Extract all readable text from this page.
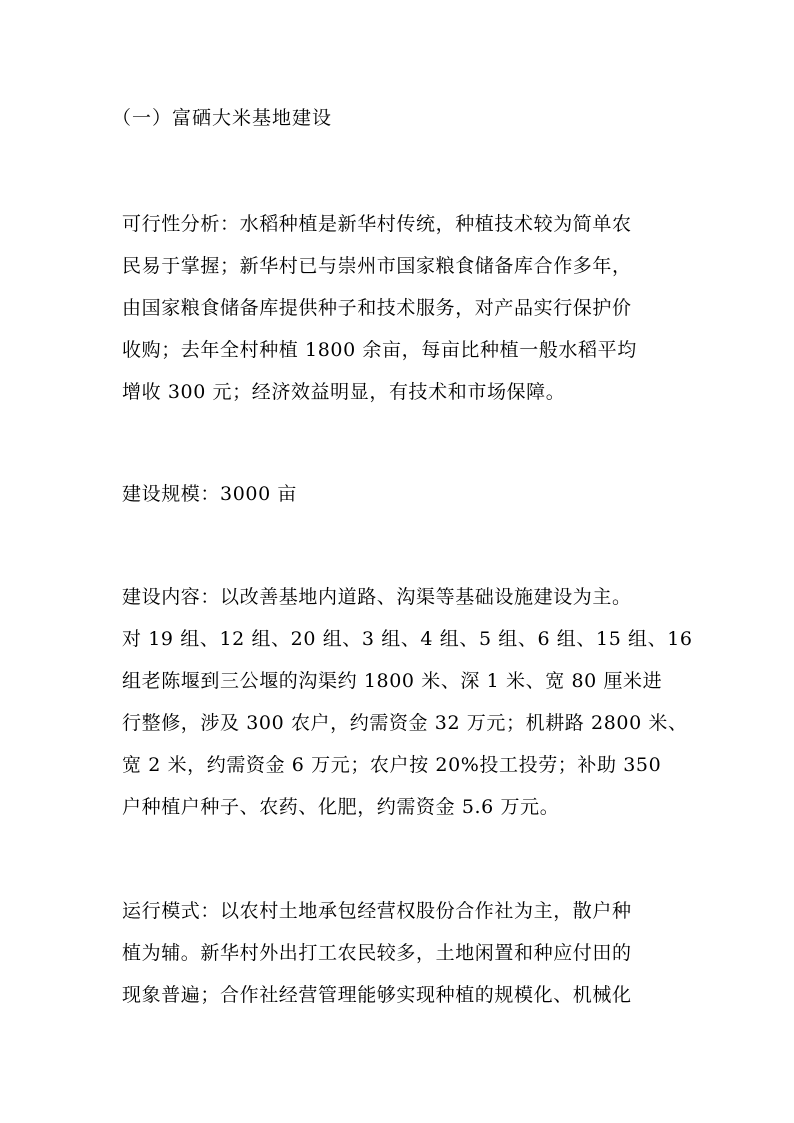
（一）富硒大米基地建设
可行性分析：水稻种植是新华村传统，种植技术较为简单农
民易于掌握；新华村已与崇州市国家粮食储备库合作多年，
由国家粮食储备库提供种子和技术服务，对产品实行保护价
收购；去年全村种植 1800 余亩，每亩比种植一般水稻平均
增收 300 元；经济效益明显，有技术和市场保障。
建设规模：3000 亩
建设内容：以改善基地内道路、沟渠等基础设施建设为主。
对 19 组、12 组、20 组、3 组、4 组、5 组、6 组、15 组、16
组老陈堰到三公堰的沟渠约 1800 米、深 1 米、宽 80 厘米进
行整修，涉及 300 农户，约需资金 32 万元；机耕路 2800 米、
宽 2 米，约需资金 6 万元；农户按 20%投工投劳；补助 350
户种植户种子、农药、化肥，约需资金 5.6 万元。
运行模式：以农村土地承包经营权股份合作社为主，散户种
植为辅。新华村外出打工农民较多，土地闲置和种应付田的
现象普遍；合作社经营管理能够实现种植的规模化、机械化
